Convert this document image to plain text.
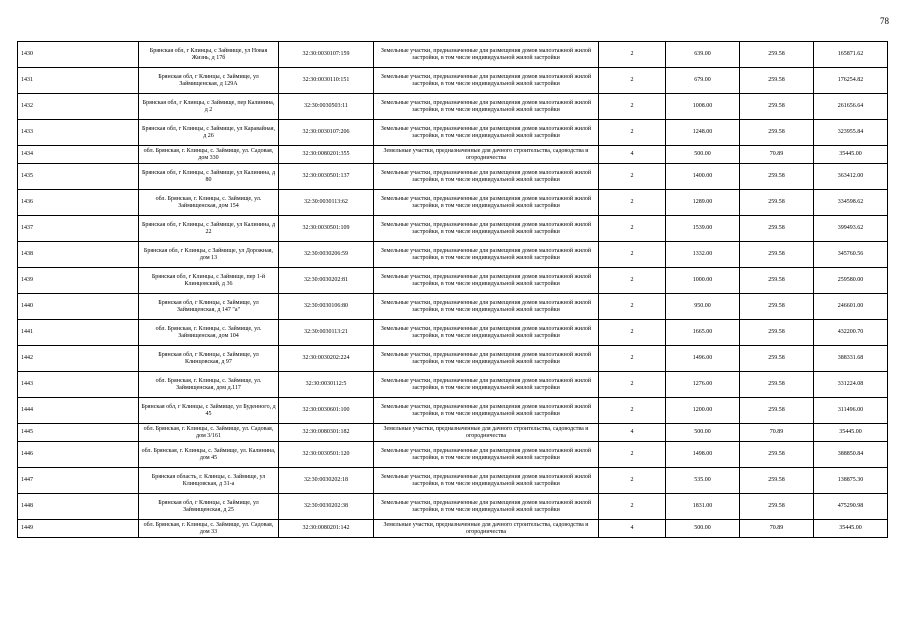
78
1430	Брянская обл, г Клинцы, с Займище, ул Новая Жизнь, д 17б	32:30:0030107:159	Земельные участки, предназначенные для размещения домов малоэтажной жилой застройки, в том числе индивидуальной жилой застройки	2	639.00	259.58	165871.62
1431	Брянская обл, г Клинцы, с Займище, ул Займищенская, д 129А	32:30:0030110:151	Земельные участки, предназначенные для размещения домов малоэтажной жилой застройки, в том числе индивидуальной жилой застройки	2	679.00	259.58	176254.82
1432	Брянская обл, г Клинцы, с Займище, пер Калинина, д 2	32:30:0030503:11	Земельные участки, предназначенные для размещения домов малоэтажной жилой застройки, в том числе индивидуальной жилой застройки	2	1008.00	259.58	261656.64
1433	Брянская обл, г Клинцы, с Займище, ул Каравайная, д 26	32:30:0030107:206	Земельные участки, предназначенные для размещения домов малоэтажной жилой застройки, в том числе индивидуальной жилой застройки	2	1248.00	259.58	323955.84
1434	обл. Брянская, г. Клинцы, с. Займище, ул. Садовая, дом 330	32:30:0080201:355	Земельные участки, предназначенные для дачного строительства, садоводства и огородничества	4	500.00	70.89	35445.00
1435	Брянская обл, г Клинцы, с Займище, ул Калинина, д 80	32:30:0030501:137	Земельные участки, предназначенные для размещения домов малоэтажной жилой застройки, в том числе индивидуальной жилой застройки	2	1400.00	259.58	363412.00
1436	обл. Брянская, г. Клинцы, с. Займище, ул. Займищенская, дом 154	32:30:0030113:62	Земельные участки, предназначенные для размещения домов малоэтажной жилой застройки, в том числе индивидуальной жилой застройки	2	1289.00	259.58	334598.62
1437	Брянская обл, г Клинцы, с Займище, ул Калинина, д 22	32:30:0030501:109	Земельные участки, предназначенные для размещения домов малоэтажной жилой застройки, в том числе индивидуальной жилой застройки	2	1539.00	259.58	399493.62
1438	Брянская обл, г Клинцы, с Займище, ул Дорожная, дом 13	32:30:0030206:59	Земельные участки, предназначенные для размещения домов малоэтажной жилой застройки, в том числе индивидуальной жилой застройки	2	1332.00	259.58	345760.56
1439	Брянская обл, г Клинцы, с Займище, пер 1-й Клинцовский, д 36	32:30:0030202:81	Земельные участки, предназначенные для размещения домов малоэтажной жилой застройки, в том числе индивидуальной жилой застройки	2	1000.00	259.58	259580.00
1440	Брянская обл, г Клинцы, с Займище, ул Займищенская, д 147 "а"	32:30:0030106:80	Земельные участки, предназначенные для размещения домов малоэтажной жилой застройки, в том числе индивидуальной жилой застройки	2	950.00	259.58	246601.00
1441	обл. Брянская, г. Клинцы, с. Займище, ул. Займищенская, дом 104	32:30:0030113:21	Земельные участки, предназначенные для размещения домов малоэтажной жилой застройки, в том числе индивидуальной жилой застройки	2	1665.00	259.58	432200.70
1442	Брянская обл, г Клинцы, с Займище, ул Клинцовская, д 97	32:30:0030202:224	Земельные участки, предназначенные для размещения домов малоэтажной жилой застройки, в том числе индивидуальной жилой застройки	2	1496.00	259.58	388331.68
1443	обл. Брянская, г. Клинцы, с. Займище, ул. Займищенская, дом д.117	32:30:0030112:5	Земельные участки, предназначенные для размещения домов малоэтажной жилой застройки, в том числе индивидуальной жилой застройки	2	1276.00	259.58	331224.08
1444	Брянская обл, г Клинцы, с Займище, ул Буденного, д 45	32:30:0030601:100	Земельные участки, предназначенные для размещения домов малоэтажной жилой застройки, в том числе индивидуальной жилой застройки	2	1200.00	259.58	311496.00
1445	обл. Брянская, г. Клинцы, с. Займище, ул. Садовая, дом 3/161	32:30:0080301:182	Земельные участки, предназначенные для дачного строительства, садоводства и огородничества	4	500.00	70.89	35445.00
1446	обл. Брянская, г. Клинцы, с. Займище, ул. Калинина, дом 45	32:30:0030501:120	Земельные участки, предназначенные для размещения домов малоэтажной жилой застройки, в том числе индивидуальной жилой застройки	2	1498.00	259.58	388850.84
1447	Брянская область, г. Клинцы, с. Займище, ул Клинцовская, д 31-а	32:30:0030202:18	Земельные участки, предназначенные для размещения домов малоэтажной жилой застройки, в том числе индивидуальной жилой застройки	2	535.00	259.58	138875.30
1448	Брянская обл, г Клинцы, с Займище, ул Займищенская, д 25	32:30:0030202:38	Земельные участки, предназначенные для размещения домов малоэтажной жилой застройки, в том числе индивидуальной жилой застройки	2	1831.00	259.58	475290.98
1449	обл. Брянская, г. Клинцы, с. Займище, ул. Садовая, дом 33	32:30:0080201:142	Земельные участки, предназначенные для дачного строительства, садоводства и огородничества	4	500.00	70.89	35445.00
